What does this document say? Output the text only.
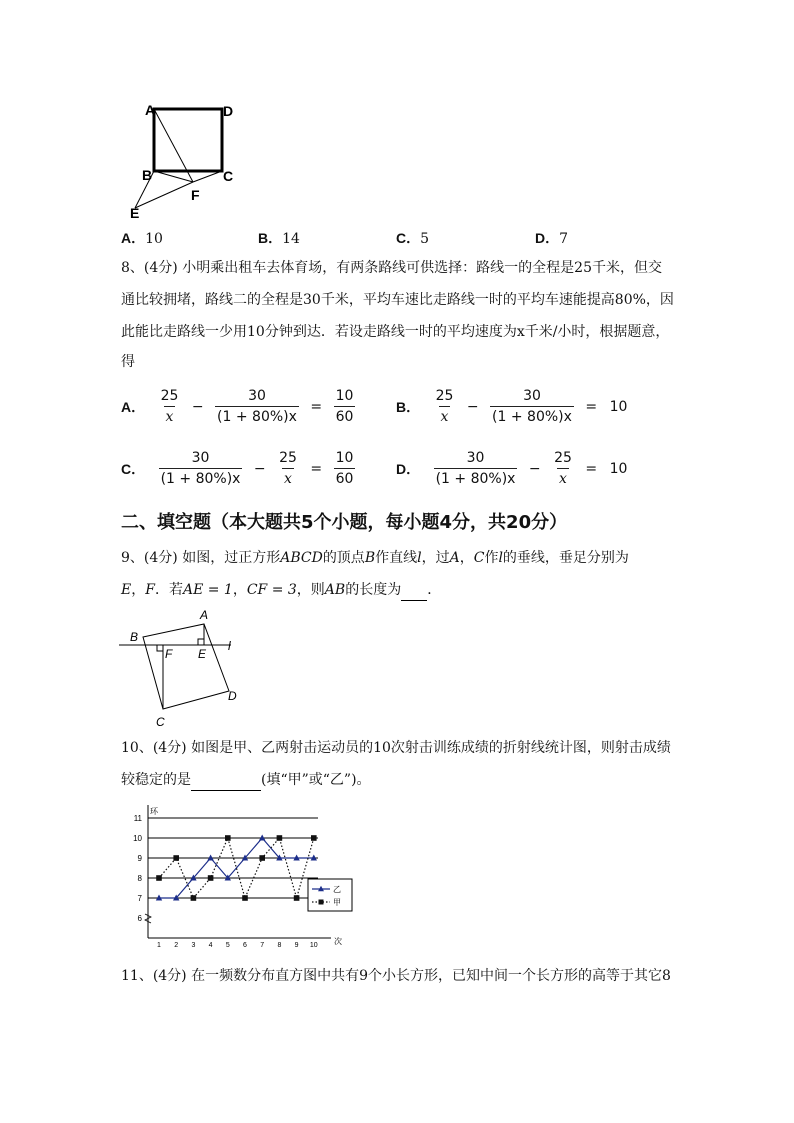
A	D
B	C
F
E
A．10	B．14	C．5	D．7
8、(4分) 小明乘出租车去体育场，有两条路线可供选择：路线一的全程是25千米，但交
通比较拥堵，路线二的全程是30千米，平均车速比走路线一时的平均车速能提高80%，因
此能比走路线一少用10分钟到达．若设走路线一时的平均速度为x千米/小时，根据题意，
得
A． $\frac{25}{x} - \frac{30}{(1 + 80\%)x} = \frac{10}{60}$	B． $\frac{25}{x} - \frac{30}{(1 + 80\%)x} = 10$
C． $\frac{30}{(1 + 80\%)x} - \frac{25}{x} = \frac{10}{60}$	D． $\frac{30}{(1 + 80\%)x} - \frac{25}{x} = 10$
二、填空题（本大题共5个小题，每小题4分，共20分）
9、(4分) 如图，过正方形ABCD的顶点B作直线l，过A，C作l的垂线，垂足分别为
E，F．若AE = 1，CF = 3，则AB的长度为 ．
B
A
F E
l
D
C
10、(4分) 如图是甲、乙两射击运动员的10次射击训练成绩的折射线统计图，则射击成绩
较稳定的是	(填“甲”或“乙”)。
6
7
8
9
10
11
1 2 3 4 5 6 7 8 9 10
乙
甲
环
次
11、(4分) 在一频数分布直方图中共有9个小长方形，已知中间一个长方形的高等于其它8
